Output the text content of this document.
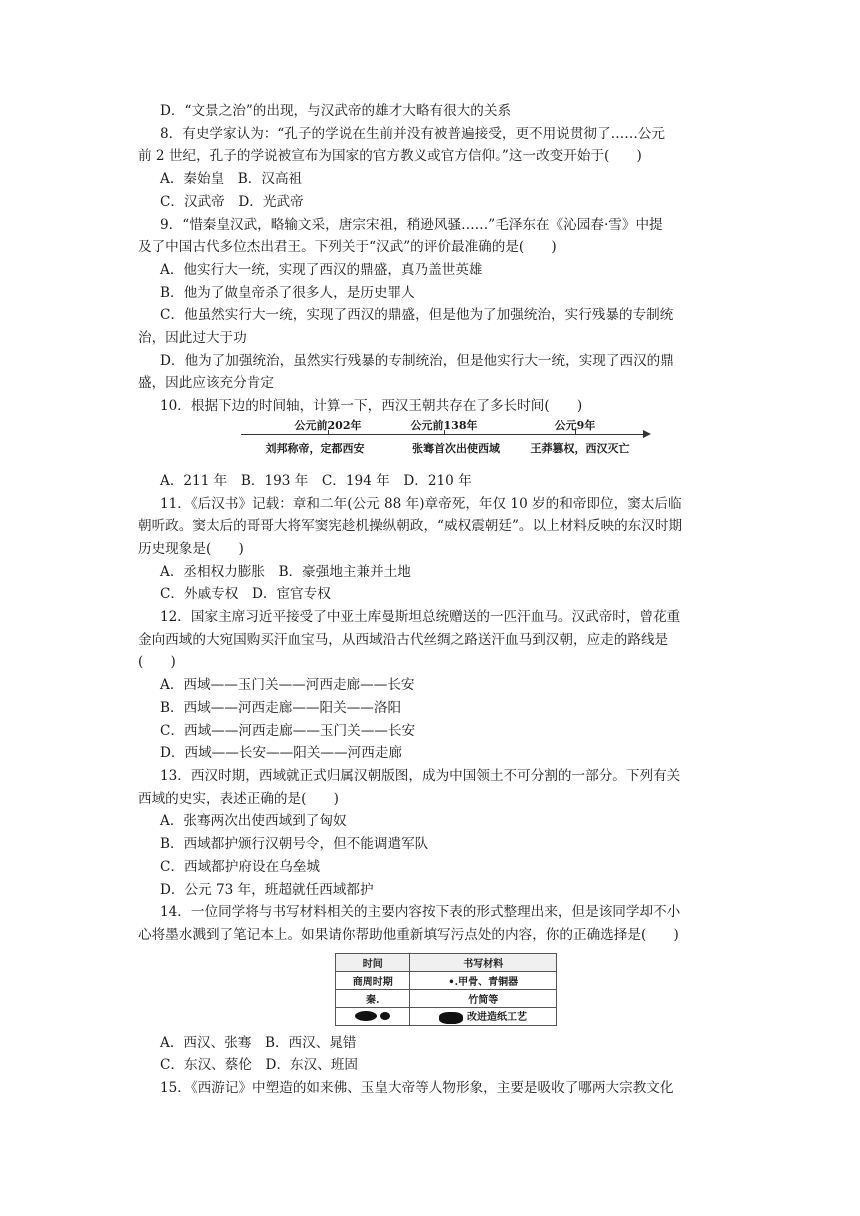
D．“文景之治”的出现，与汉武帝的雄才大略有很大的关系
8．有史学家认为：“孔子的学说在生前并没有被普遍接受，更不用说贯彻了……公元
前 2 世纪，孔子的学说被宣布为国家的官方教义或官方信仰。”这一改变开始于(　　)
A．秦始皇　B．汉高祖
C．汉武帝　D．光武帝
9．“惜秦皇汉武，略输文采，唐宗宋祖，稍逊风骚……”毛泽东在《沁园春·雪》中提
及了中国古代多位杰出君王。下列关于“汉武”的评价最准确的是(　　)
A．他实行大一统，实现了西汉的鼎盛，真乃盖世英雄
B．他为了做皇帝杀了很多人，是历史罪人
C．他虽然实行大一统，实现了西汉的鼎盛，但是他为了加强统治，实行残暴的专制统
治，因此过大于功
D．他为了加强统治，虽然实行残暴的专制统治，但是他实行大一统，实现了西汉的鼎
盛，因此应该充分肯定
10．根据下边的时间轴，计算一下，西汉王朝共存在了多长时间(　　)
公元前202年	公元前138年	公元9年
刘邦称帝，定都西安	张骞首次出使西域	王莽篡权，西汉灭亡
A．211 年　B．193 年　C．194 年　D．210 年
11．《后汉书》记载：章和二年(公元 88 年)章帝死，年仅 10 岁的和帝即位，窦太后临
朝听政。窦太后的哥哥大将军窦宪趁机操纵朝政，“威权震朝廷”。以上材料反映的东汉时期
历史现象是(　　)
A．丞相权力膨胀　B．豪强地主兼并土地
C．外戚专权　D．宦官专权
12．国家主席习近平接受了中亚土库曼斯坦总统赠送的一匹汗血马。汉武帝时，曾花重
金向西域的大宛国购买汗血宝马，从西域沿古代丝绸之路送汗血马到汉朝，应走的路线是
(　　)
A．西域——玉门关——河西走廊——长安
B．西域——河西走廊——阳关——洛阳
C．西域——河西走廊——玉门关——长安
D．西域——长安——阳关——河西走廊
13．西汉时期，西域就正式归属汉朝版图，成为中国领土不可分割的一部分。下列有关
西域的史实，表述正确的是(　　)
A．张骞两次出使西域到了匈奴
B．西域都护颁行汉朝号令，但不能调遣军队
C．西域都护府设在乌垒城
D．公元 73 年，班超就任西域都护
14．一位同学将与书写材料相关的主要内容按下表的形式整理出来，但是该同学却不小
心将墨水溅到了笔记本上。如果请你帮助他重新填写污点处的内容，你的正确选择是(　　)
时间	书写材料
商周时期	•.甲骨、青铜器
秦.	竹简等
	改进造纸工艺
A．西汉、张骞　B．西汉、晁错
C．东汉、蔡伦　D．东汉、班固
15．《西游记》中塑造的如来佛、玉皇大帝等人物形象，主要是吸收了哪两大宗教文化
